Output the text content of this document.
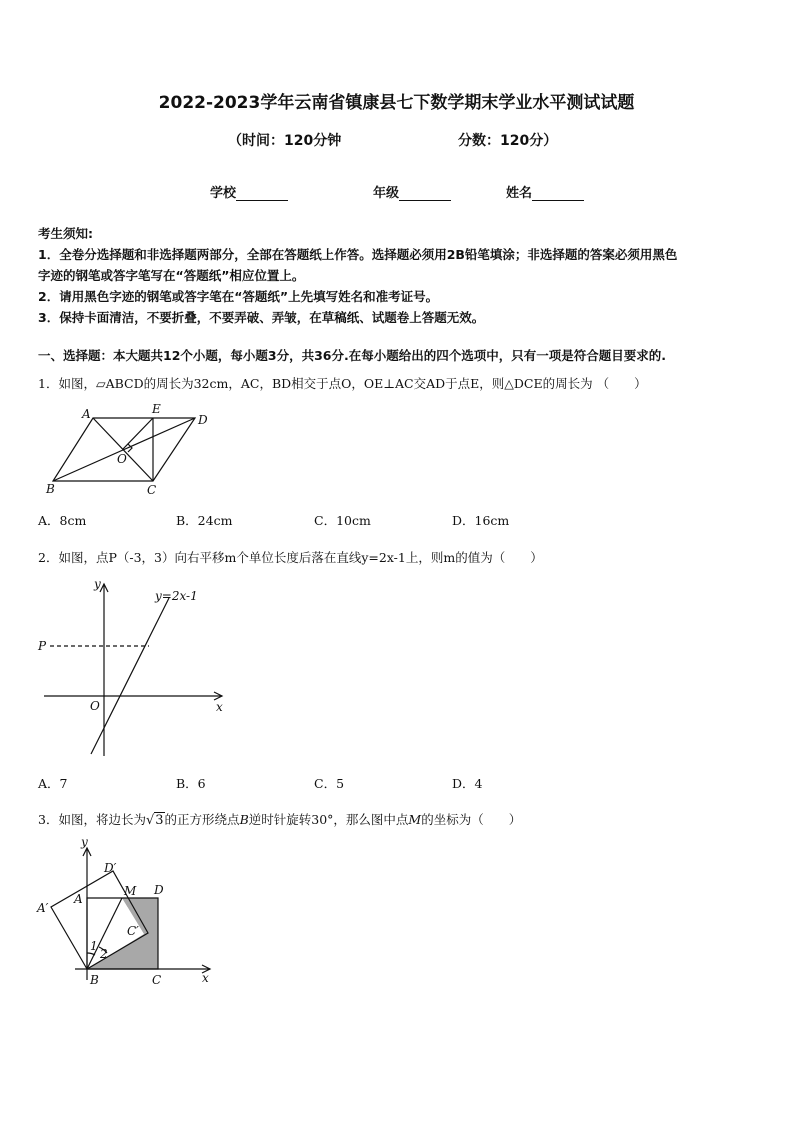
2022-2023学年云南省镇康县七下数学期末学业水平测试试题
（时间：120分钟	分数：120分）
学校	年级	姓名
考生须知:
1．全卷分选择题和非选择题两部分，全部在答题纸上作答。选择题必须用2B铅笔填涂；非选择题的答案必须用黑色
字迹的钢笔或答字笔写在“答题纸”相应位置上。
2．请用黑色字迹的钢笔或答字笔在“答题纸”上先填写姓名和准考证号。
3．保持卡面清洁，不要折叠，不要弄破、弄皱，在草稿纸、试题卷上答题无效。
一、选择题：本大题共12个小题，每小题3分，共36分.在每小题给出的四个选项中，只有一项是符合题目要求的.
1．如图，▱ABCD的周长为32cm，AC，BD相交于点O，OE⊥AC交AD于点E，则△DCE的周长为 （　　）
A	E
D
O
B	C
A．8cm	B．24cm	C．10cm	D．16cm
2．如图，点P（-3，3）向右平移m个单位长度后落在直线y=2x-1上，则m的值为（　　）
y
y=2x-1
P
O	x
A．7	B．6	C．5	D．4
3．如图，将边长为√3的正方形绕点B逆时针旋转30°，那么图中点M的坐标为（　　）
y
D′
M D
A′
A
C′
1
2
B	C	x
